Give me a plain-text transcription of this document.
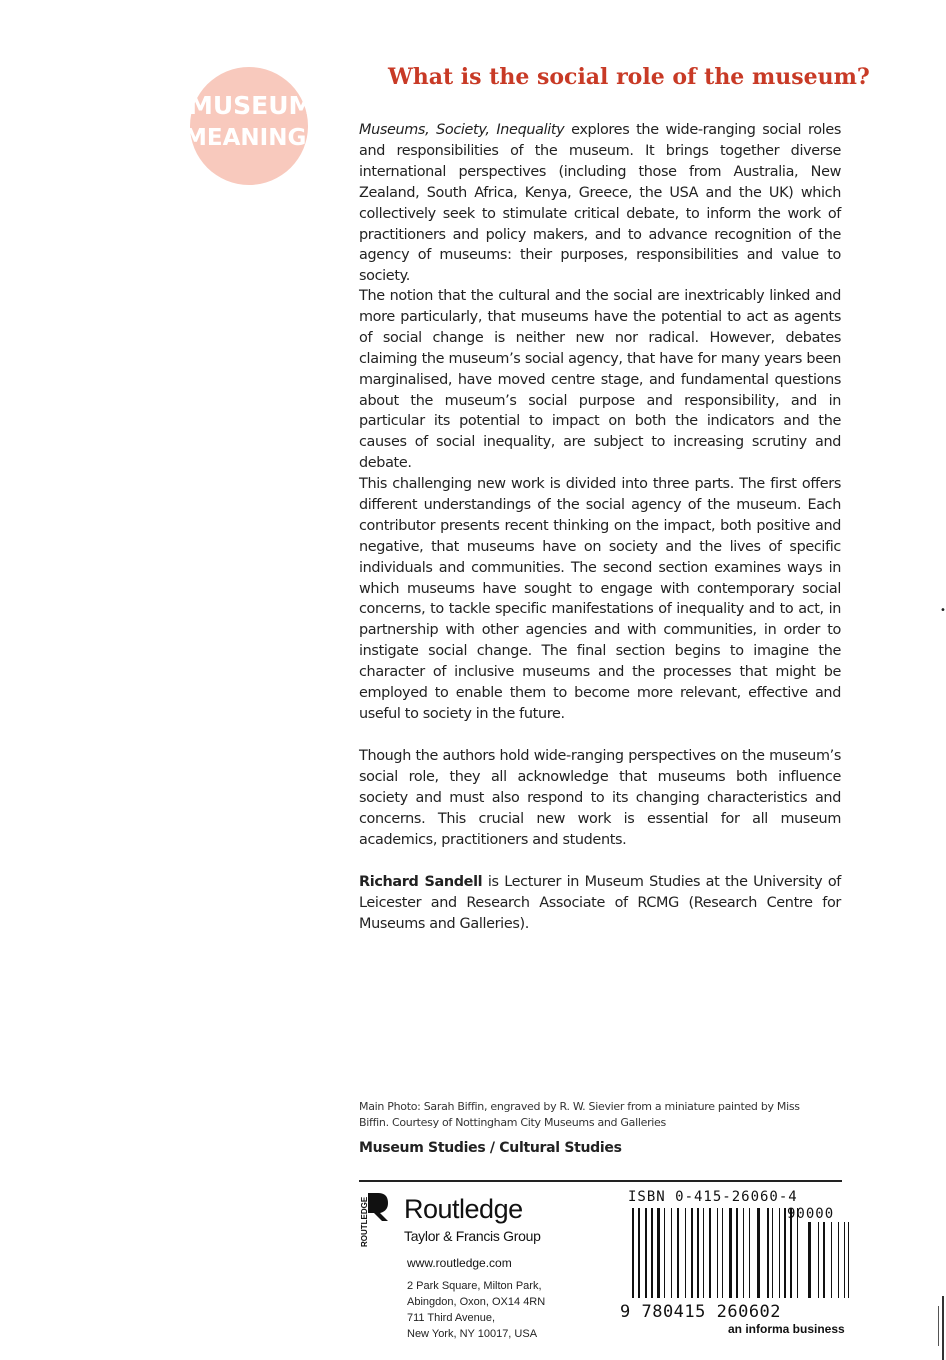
MUSEUM
MEANINGS
What is the social role of the museum?

Museums, Society, Inequality explores the wide-ranging social roles and responsibilities of the museum. It brings together diverse international perspectives (including those from Australia, New Zealand, South Africa, Kenya, Greece, the USA and the UK) which collectively seek to stimulate critical debate, to inform the work of practitioners and policy makers, and to advance recognition of the agency of museums: their purposes, responsibilities and value to society.

The notion that the cultural and the social are inextricably linked and more particularly, that museums have the potential to act as agents of social change is neither new nor radical. However, debates claiming the museum’s social agency, that have for many years been marginalised, have moved centre stage, and fundamental questions about the museum’s social purpose and responsibility, and in particular its potential to impact on both the indicators and the causes of social inequality, are subject to increasing scrutiny and debate.

This challenging new work is divided into three parts. The first offers different understandings of the social agency of the museum. Each contributor presents recent thinking on the impact, both positive and negative, that museums have on society and the lives of specific individuals and communities. The second section examines ways in which museums have sought to engage with contemporary social concerns, to tackle specific manifestations of inequality and to act, in partnership with other agencies and with communities, in order to instigate social change. The final section begins to imagine the character of inclusive museums and the processes that might be employed to enable them to become more relevant, effective and useful to society in the future.

Though the authors hold wide-ranging perspectives on the museum’s social role, they all acknowledge that museums both influence society and must also respond to its changing characteristics and concerns. This crucial new work is essential for all museum academics, practitioners and students.

Richard Sandell is Lecturer in Museum Studies at the University of Leicester and Research Associate of RCMG (Research Centre for Museums and Galleries).

•
Main Photo: Sarah Biffin, engraved by R. W. Sievier from a miniature painted by Miss Biffin. Courtesy of Nottingham City Museums and Galleries
Museum Studies / Cultural Studies
ROUTLEDGE Routledge
Taylor & Francis Group
www.routledge.com
2 Park Square, Milton Park,
Abingdon, Oxon, OX14 4RN
711 Third Avenue,
New York, NY 10017, USA
ISBN 0-415-26060-4
90000
9 780415 260602
an informa business
